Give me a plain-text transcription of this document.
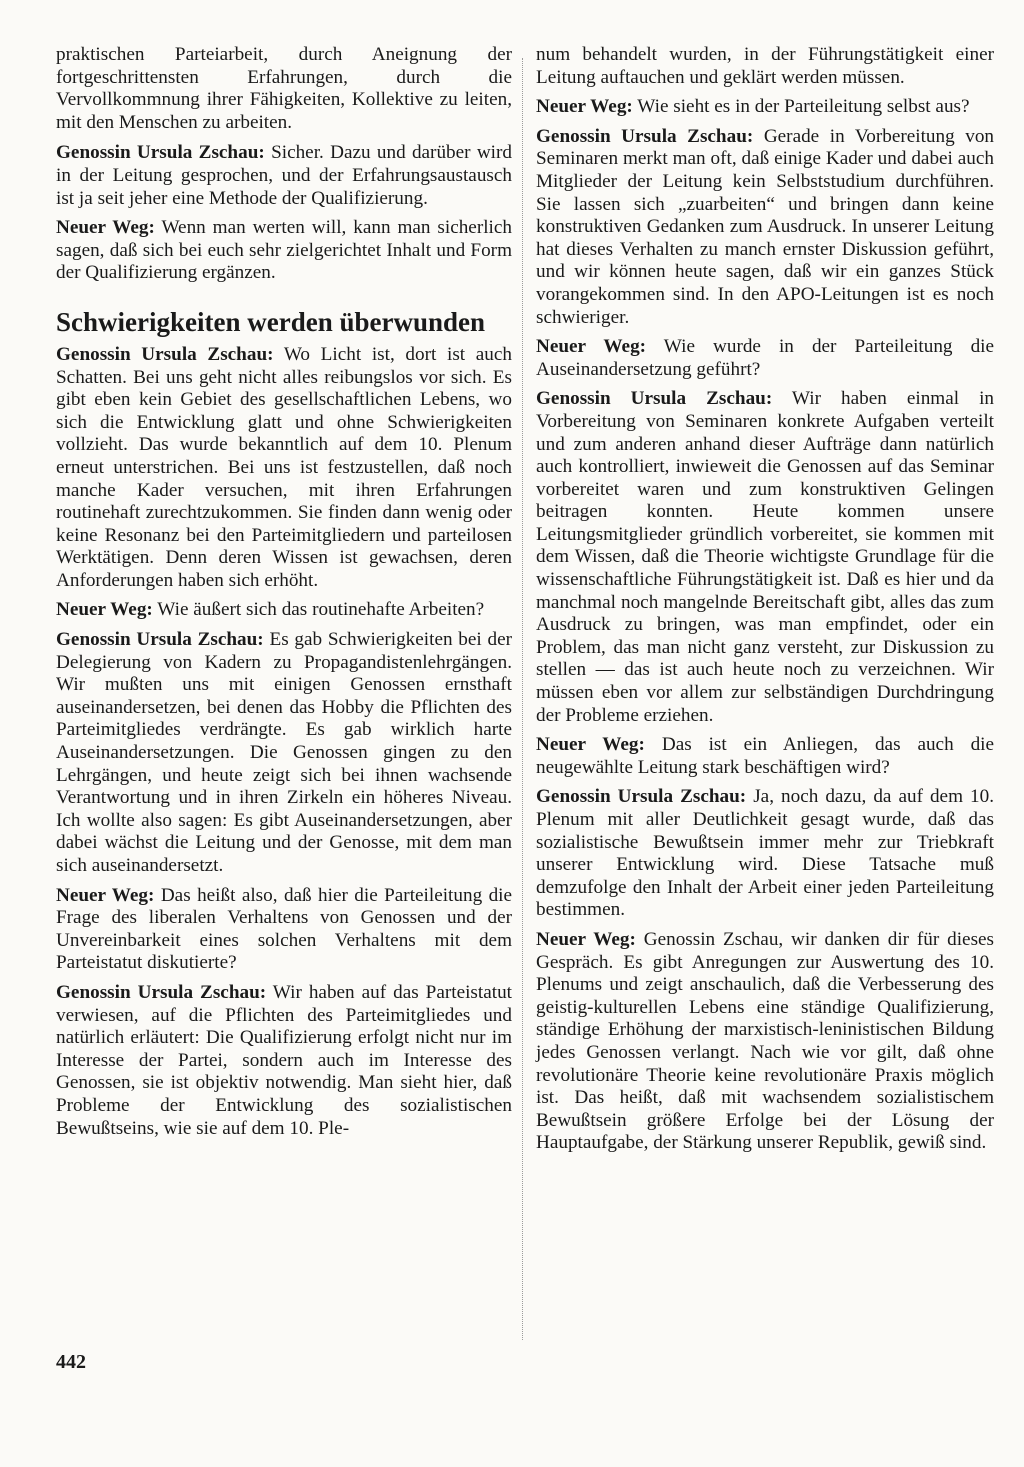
praktischen Parteiarbeit, durch Aneignung der fortgeschrittensten Erfahrungen, durch die Vervollkommnung ihrer Fähigkeiten, Kollektive zu leiten, mit den Menschen zu arbeiten.

Genossin Ursula Zschau: Sicher. Dazu und darüber wird in der Leitung gesprochen, und der Erfahrungsaustausch ist ja seit jeher eine Methode der Qualifizierung.

Neuer Weg: Wenn man werten will, kann man sicherlich sagen, daß sich bei euch sehr zielgerichtet Inhalt und Form der Qualifizierung ergänzen.

Schwierigkeiten werden überwunden

Genossin Ursula Zschau: Wo Licht ist, dort ist auch Schatten. Bei uns geht nicht alles reibungslos vor sich. Es gibt eben kein Gebiet des gesellschaftlichen Lebens, wo sich die Entwicklung glatt und ohne Schwierigkeiten vollzieht. Das wurde bekanntlich auf dem 10. Plenum erneut unterstrichen. Bei uns ist festzustellen, daß noch manche Kader versuchen, mit ihren Erfahrungen routinehaft zurechtzukommen. Sie finden dann wenig oder keine Resonanz bei den Parteimitgliedern und parteilosen Werktätigen. Denn deren Wissen ist gewachsen, deren Anforderungen haben sich erhöht.

Neuer Weg: Wie äußert sich das routinehafte Arbeiten?

Genossin Ursula Zschau: Es gab Schwierigkeiten bei der Delegierung von Kadern zu Propagandistenlehrgängen. Wir mußten uns mit einigen Genossen ernsthaft auseinandersetzen, bei denen das Hobby die Pflichten des Parteimitgliedes verdrängte. Es gab wirklich harte Auseinandersetzungen. Die Genossen gingen zu den Lehrgängen, und heute zeigt sich bei ihnen wachsende Verantwortung und in ihren Zirkeln ein höheres Niveau. Ich wollte also sagen: Es gibt Auseinandersetzungen, aber dabei wächst die Leitung und der Genosse, mit dem man sich auseinandersetzt.

Neuer Weg: Das heißt also, daß hier die Parteileitung die Frage des liberalen Verhaltens von Genossen und der Unvereinbarkeit eines solchen Verhaltens mit dem Parteistatut diskutierte?

Genossin Ursula Zschau: Wir haben auf das Parteistatut verwiesen, auf die Pflichten des Parteimitgliedes und natürlich erläutert: Die Qualifizierung erfolgt nicht nur im Interesse der Partei, sondern auch im Interesse des Genossen, sie ist objektiv notwendig. Man sieht hier, daß Probleme der Entwicklung des sozialistischen Bewußtseins, wie sie auf dem 10. Ple-

num behandelt wurden, in der Führungstätigkeit einer Leitung auftauchen und geklärt werden müssen.

Neuer Weg: Wie sieht es in der Parteileitung selbst aus?

Genossin Ursula Zschau: Gerade in Vorbereitung von Seminaren merkt man oft, daß einige Kader und dabei auch Mitglieder der Leitung kein Selbststudium durchführen. Sie lassen sich „zuarbeiten“ und bringen dann keine konstruktiven Gedanken zum Ausdruck. In unserer Leitung hat dieses Verhalten zu manch ernster Diskussion geführt, und wir können heute sagen, daß wir ein ganzes Stück vorangekommen sind. In den APO-Leitungen ist es noch schwieriger.

Neuer Weg: Wie wurde in der Parteileitung die Auseinandersetzung geführt?

Genossin Ursula Zschau: Wir haben einmal in Vorbereitung von Seminaren konkrete Aufgaben verteilt und zum anderen anhand dieser Aufträge dann natürlich auch kontrolliert, inwieweit die Genossen auf das Seminar vorbereitet waren und zum konstruktiven Gelingen beitragen konnten. Heute kommen unsere Leitungsmitglieder gründlich vorbereitet, sie kommen mit dem Wissen, daß die Theorie wichtigste Grundlage für die wissenschaftliche Führungstätigkeit ist. Daß es hier und da manchmal noch mangelnde Bereitschaft gibt, alles das zum Ausdruck zu bringen, was man empfindet, oder ein Problem, das man nicht ganz versteht, zur Diskussion zu stellen — das ist auch heute noch zu verzeichnen. Wir müssen eben vor allem zur selbständigen Durchdringung der Probleme erziehen.

Neuer Weg: Das ist ein Anliegen, das auch die neugewählte Leitung stark beschäftigen wird?

Genossin Ursula Zschau: Ja, noch dazu, da auf dem 10. Plenum mit aller Deutlichkeit gesagt wurde, daß das sozialistische Bewußtsein immer mehr zur Triebkraft unserer Entwicklung wird. Diese Tatsache muß demzufolge den Inhalt der Arbeit einer jeden Parteileitung bestimmen.

Neuer Weg: Genossin Zschau, wir danken dir für dieses Gespräch. Es gibt Anregungen zur Auswertung des 10. Plenums und zeigt anschaulich, daß die Verbesserung des geistig-kulturellen Lebens eine ständige Qualifizierung, ständige Erhöhung der marxistisch-leninistischen Bildung jedes Genossen verlangt. Nach wie vor gilt, daß ohne revolutionäre Theorie keine revolutionäre Praxis möglich ist. Das heißt, daß mit wachsendem sozialistischem Bewußtsein größere Erfolge bei der Lösung der Hauptaufgabe, der Stärkung unserer Republik, gewiß sind.

442
